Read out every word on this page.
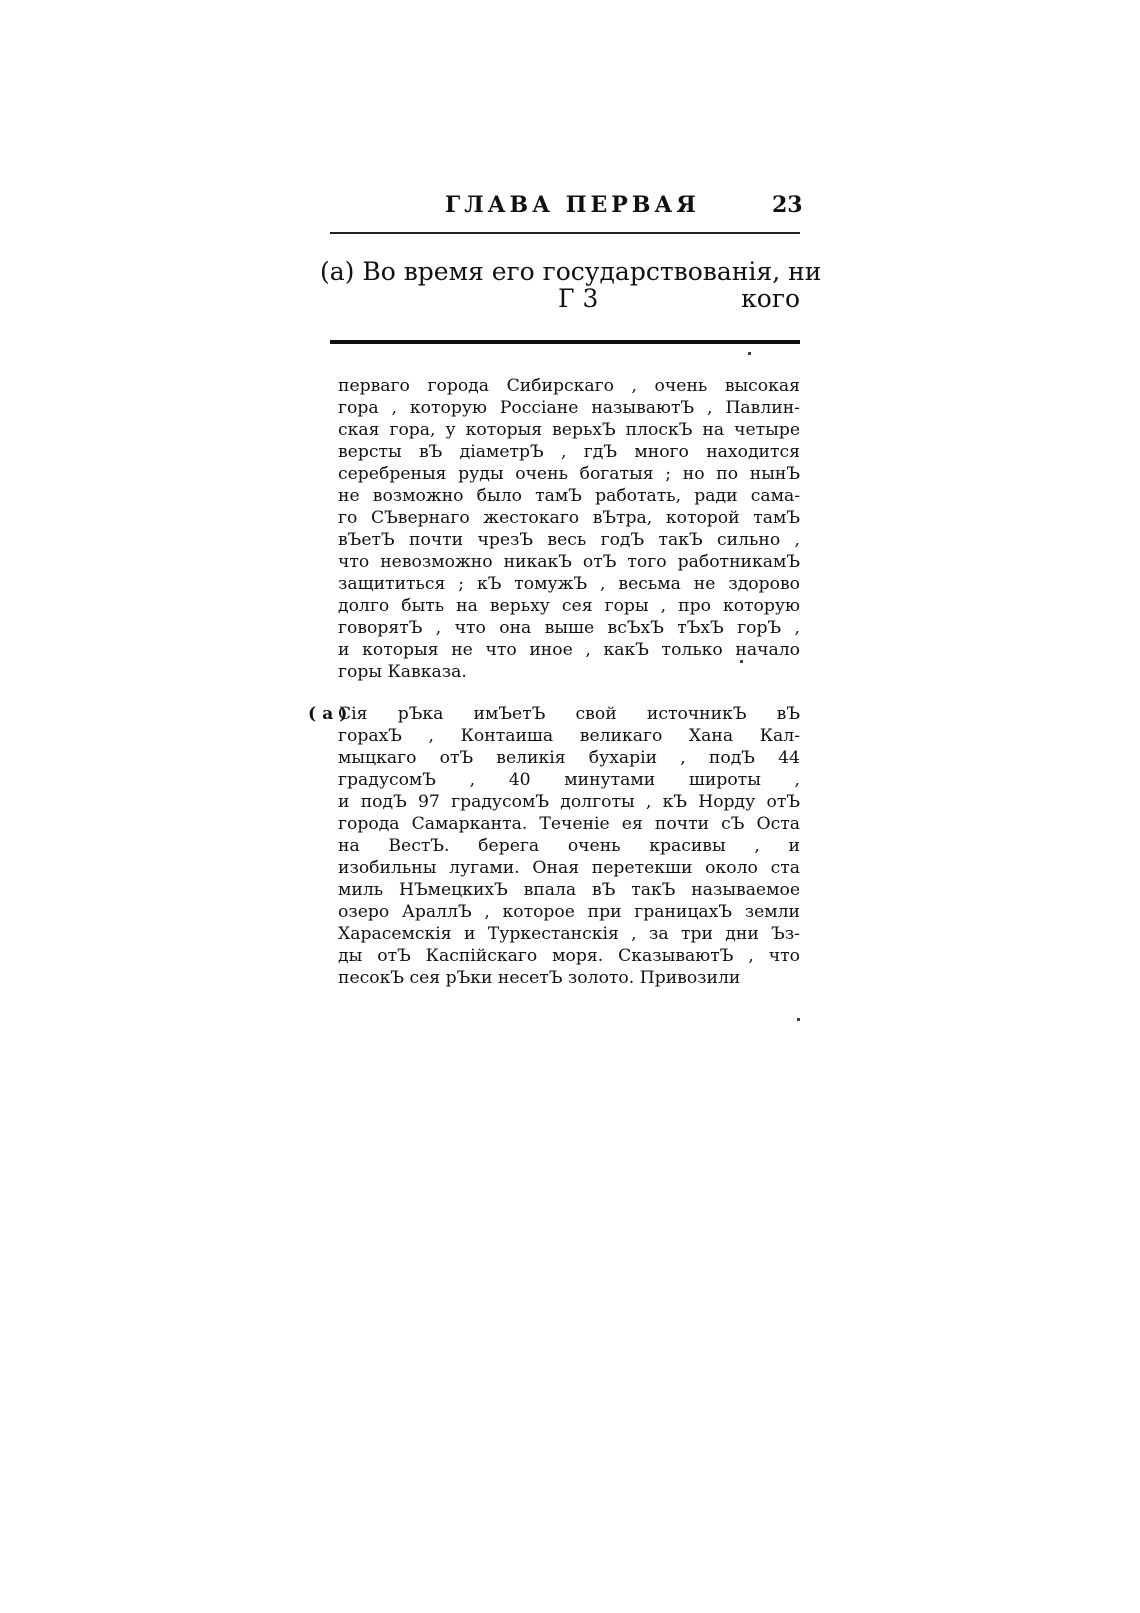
ГЛАВА ПЕРВАЯ	23
(a) Во время его государствованія , ни
Г 3	кого
перваго города Сибирскаго , очень высокая
гора , которую Россіане называютЪ , Павлин-
ская гора, у которыя верьхЪ плоскЪ на четыре
версты вЪ діаметрЪ , гдЪ много находится
серебреныя руды очень богатыя ; но по нынЪ
не возможно было тамЪ работать, ради сама-
го СЪвернаго жестокаго вЪтра, которой тамЪ
вЪетЪ почти чрезЪ весь годЪ такЪ сильно ,
что невозможно никакЪ отЪ того работникамЪ
защититься ; кЪ томужЪ , весьма не здорово
долго быть на верьху сея горы , про которую
говорятЪ , что она выше всЪхЪ тЪхЪ горЪ ,
и которыя не что иное , какЪ только начало
горы Кавказа.
( a )
Сія рЪка имЪетЪ свой источникЪ вЪ
горахЪ , Контаиша великаго Хана Кал-
мыцкаго отЪ великія бухаріи , подЪ 44
градусомЪ , 40 минутами широты ,
и подЪ 97 градусомЪ долготы , кЪ Норду отЪ
города Самарканта. Теченіе ея почти сЪ Оста
на ВестЪ. берега очень красивы , и
изобильны лугами. Оная перетекши около ста
миль НЪмецкихЪ впала вЪ такЪ называемое
озеро АраллЪ , которое при границахЪ земли
Харасемскія и Туркестанскія , за три дни Ъз-
ды отЪ Каспійскаго моря. СказываютЪ , что
песокЪ сея рЪки несетЪ золото. Привозили
